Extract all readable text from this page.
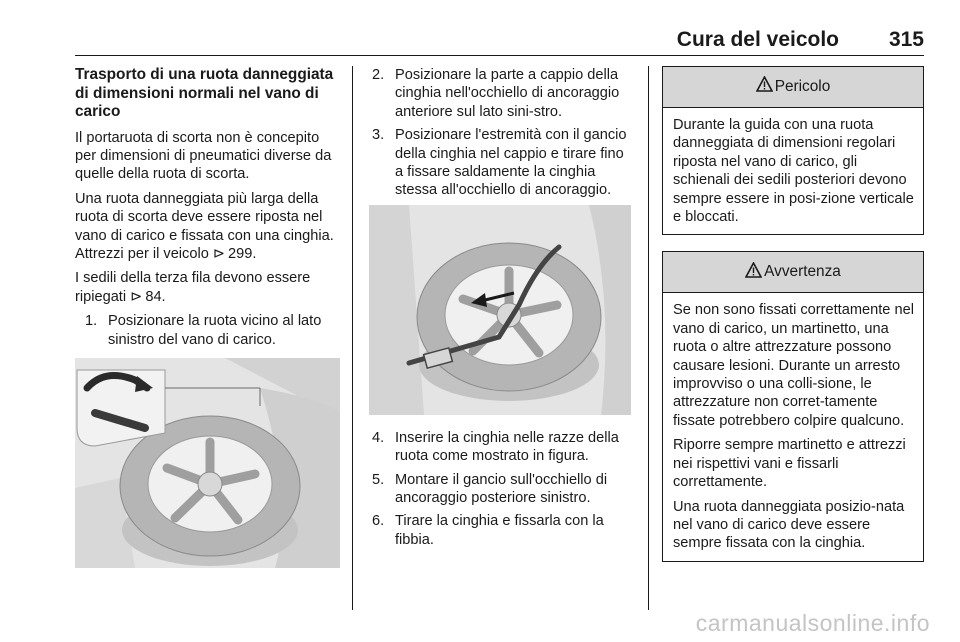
Cura del veicolo 315
Trasporto di una ruota danneggiata di dimensioni normali nel vano di carico

Il portaruota di scorta non è concepito per dimensioni di pneumatici diverse da quelle della ruota di scorta.

Una ruota danneggiata più larga della ruota di scorta deve essere riposta nel vano di carico e fissata con una cinghia. Attrezzi per il veicolo ⊳  299.

I sedili della terza fila devono essere ripiegati ⊳  84.

1. Posizionare la ruota vicino al lato sinistro del vano di carico.
2. Posizionare la parte a cappio della cinghia nell'occhiello di ancoraggio anteriore sul lato sini-stro.
3. Posizionare l'estremità con il gancio della cinghia nel cappio e tirare fino a fissare saldamente la cinghia stessa all'occhiello di ancoraggio.
4. Inserire la cinghia nelle razze della ruota come mostrato in figura.
5. Montare il gancio sull'occhiello di ancoraggio posteriore sinistro.
6. Tirare la cinghia e fissarla con la fibbia.
Pericolo

Durante la guida con una ruota danneggiata di dimensioni regolari riposta nel vano di carico, gli schienali dei sedili posteriori devono sempre essere in posi-zione verticale e bloccati.

Avvertenza

Se non sono fissati correttamente nel vano di carico, un martinetto, una ruota o altre attrezzature possono causare lesioni. Durante un arresto improvviso o una colli-sione, le attrezzature non corret-tamente fissate potrebbero colpire qualcuno.

Riporre sempre martinetto e attrezzi nei rispettivi vani e fissarli correttamente.

Una ruota danneggiata posizio-nata nel vano di carico deve essere sempre fissata con la cinghia.

carmanualsonline.info
